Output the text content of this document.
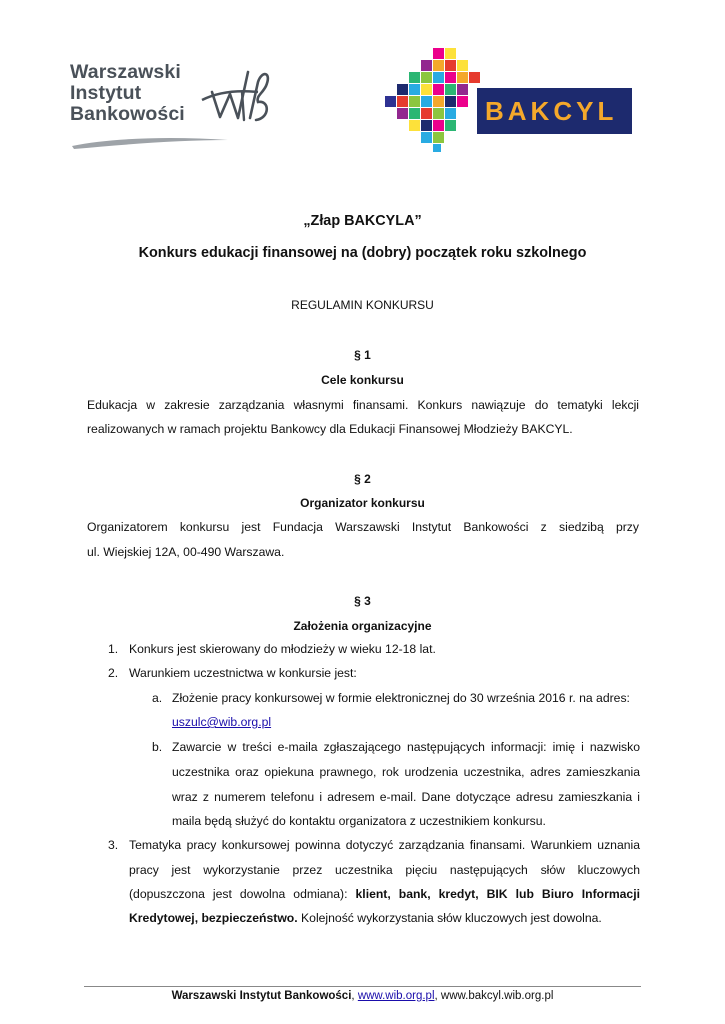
Warszawski
Instytut
Bankowości	BAKCYL
„Złap BAKCYLA”
Konkurs edukacji finansowej na (dobry) początek roku szkolnego
REGULAMIN KONKURSU
§ 1
Cele konkursu
Edukacja w zakresie zarządzania własnymi finansami. Konkurs nawiązuje do tematyki lekcji
realizowanych w ramach projektu Bankowcy dla Edukacji Finansowej Młodzieży BAKCYL.
§ 2
Organizator konkursu
Organizatorem konkursu jest Fundacja Warszawski Instytut Bankowości z siedzibą przy
ul. Wiejskiej 12A, 00-490 Warszawa.
§ 3
Założenia organizacyjne
1. Konkurs jest skierowany do młodzieży w wieku 12-18 lat.
2. Warunkiem uczestnictwa w konkursie jest:
a. Złożenie pracy konkursowej w formie elektronicznej do 30 września 2016 r. na adres:
uszulc@wib.org.pl
b. Zawarcie w treści e-maila zgłaszającego następujących informacji: imię i nazwisko
uczestnika oraz opiekuna prawnego, rok urodzenia uczestnika, adres zamieszkania
wraz z numerem telefonu i adresem e-mail. Dane dotyczące adresu zamieszkania i
maila będą służyć do kontaktu organizatora z uczestnikiem konkursu.
3. Tematyka pracy konkursowej powinna dotyczyć zarządzania finansami. Warunkiem uznania
pracy jest wykorzystanie przez uczestnika pięciu następujących słów kluczowych
(dopuszczona jest dowolna odmiana): klient, bank, kredyt, BIK lub Biuro Informacji
Kredytowej, bezpieczeństwo. Kolejność wykorzystania słów kluczowych jest dowolna.
Warszawski Instytut Bankowości, www.wib.org.pl, www.bakcyl.wib.org.pl
